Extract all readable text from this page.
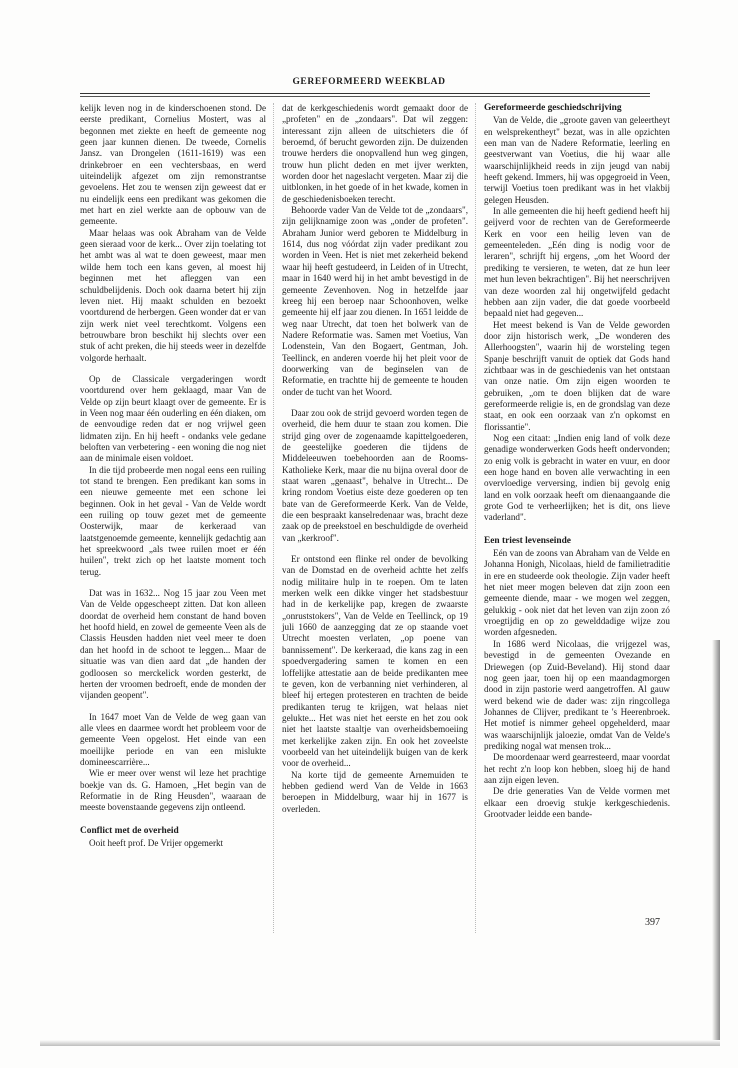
GEREFORMEERD WEEKBLAD

kelijk leven nog in de kinderschoenen stond. De eerste predikant, Cornelius Mostert, was al begonnen met ziekte en heeft de gemeente nog geen jaar kunnen dienen. De tweede, Cornelis Jansz. van Drongelen (1611-1619) was een drinkebroer en een vechtersbaas, en werd uiteindelijk afgezet om zijn remonstrantse gevoelens. Het zou te wensen zijn geweest dat er nu eindelijk eens een predikant was gekomen die met hart en ziel werkte aan de opbouw van de gemeente.

Maar helaas was ook Abraham van de Velde geen sieraad voor de kerk... Over zijn toelating tot het ambt was al wat te doen geweest, maar men wilde hem toch een kans geven, al moest hij beginnen met het afleggen van een schuldbelijdenis. Doch ook daarna betert hij zijn leven niet. Hij maakt schulden en bezoekt voortdurend de herbergen. Geen wonder dat er van zijn werk niet veel terechtkomt. Volgens een betrouwbare bron beschikt hij slechts over een stuk of acht preken, die hij steeds weer in dezelfde volgorde herhaalt.

Op de Classicale vergaderingen wordt voortdurend over hem geklaagd, maar Van de Velde op zijn beurt klaagt over de gemeente. Er is in Veen nog maar één ouderling en één diaken, om de eenvoudige reden dat er nog vrijwel geen lidmaten zijn. En hij heeft - ondanks vele gedane beloften van verbetering - een woning die nog niet aan de minimale eisen voldoet.

In die tijd probeerde men nogal eens een ruiling tot stand te brengen. Een predikant kan soms in een nieuwe gemeente met een schone lei beginnen. Ook in het geval - Van de Velde wordt een ruiling op touw gezet met de gemeente Oosterwijk, maar de kerkeraad van laatstgenoemde gemeente, kennelijk gedachtig aan het spreekwoord „als twee ruilen moet er één huilen", trekt zich op het laatste moment toch terug.

Dat was in 1632... Nog 15 jaar zou Veen met Van de Velde opgescheept zitten. Dat kon alleen doordat de overheid hem constant de hand boven het hoofd hield, en zowel de gemeente Veen als de Classis Heusden hadden niet veel meer te doen dan het hoofd in de schoot te leggen... Maar de situatie was van dien aard dat „de handen der godloosen so merckelick worden gesterkt, de herten der vroomen bedroeft, ende de monden der vijanden geopent".

In 1647 moet Van de Velde de weg gaan van alle vlees en daarmee wordt het probleem voor de gemeente Veen opgelost. Het einde van een moeilijke periode en van een mislukte domineescarrière...

Wie er meer over wenst wil leze het prachtige boekje van ds. G. Hamoen, „Het begin van de Reformatie in de Ring Heusden", waaraan de meeste bovenstaande gegevens zijn ontleend.

Conflict met de overheid

Ooit heeft prof. De Vrijer opgemerkt

dat de kerkgeschiedenis wordt gemaakt door de „profeten" en de „zondaars". Dat wil zeggen: interessant zijn alleen de uitschieters die óf beroemd, óf berucht geworden zijn. De duizenden trouwe herders die onopvallend hun weg gingen, trouw hun plicht deden en met ijver werkten, worden door het nageslacht vergeten. Maar zij die uitblonken, in het goede of in het kwade, komen in de geschiedenisboeken terecht.

Behoorde vader Van de Velde tot de „zondaars", zijn gelijknamige zoon was „onder de profeten". Abraham Junior werd geboren te Middelburg in 1614, dus nog vóórdat zijn vader predikant zou worden in Veen. Het is niet met zekerheid bekend waar hij heeft gestudeerd, in Leiden of in Utrecht, maar in 1640 werd hij in het ambt bevestigd in de gemeente Zevenhoven. Nog in hetzelfde jaar kreeg hij een beroep naar Schoonhoven, welke gemeente hij elf jaar zou dienen. In 1651 leidde de weg naar Utrecht, dat toen het bolwerk van de Nadere Reformatie was. Samen met Voetius, Van Lodenstein, Van den Bogaert, Gentman, Joh. Teellinck, en anderen voerde hij het pleit voor de doorwerking van de beginselen van de Reformatie, en trachtte hij de gemeente te houden onder de tucht van het Woord.

Daar zou ook de strijd gevoerd worden tegen de overheid, die hem duur te staan zou komen. Die strijd ging over de zogenaamde kapittelgoederen, de geestelijke goederen die tijdens de Middeleeuwen toebehoorden aan de Rooms-Katholieke Kerk, maar die nu bijna overal door de staat waren „genaast", behalve in Utrecht... De kring rondom Voetius eiste deze goederen op ten bate van de Gereformeerde Kerk. Van de Velde, die een bespraakt kanselredenaar was, bracht deze zaak op de preekstoel en beschuldigde de overheid van „kerkroof".

Er ontstond een flinke rel onder de bevolking van de Domstad en de overheid achtte het zelfs nodig militaire hulp in te roepen. Om te laten merken welk een dikke vinger het stadsbestuur had in de kerkelijke pap, kregen de zwaarste „onruststokers", Van de Velde en Teellinck, op 19 juli 1660 de aanzegging dat ze op staande voet Utrecht moesten verlaten, „op poene van bannissement". De kerkeraad, die kans zag in een spoedvergadering samen te komen en een loffelijke attestatie aan de beide predikanten mee te geven, kon de verbanning niet verhinderen, al bleef hij ertegen protesteren en trachten de beide predikanten terug te krijgen, wat helaas niet gelukte... Het was niet het eerste en het zou ook niet het laatste staaltje van overheidsbemoeiing met kerkelijke zaken zijn. En ook het zoveelste voorbeeld van het uiteindelijk buigen van de kerk voor de overheid...

Na korte tijd de gemeente Arnemuiden te hebben gediend werd Van de Velde in 1663 beroepen in Middelburg, waar hij in 1677 is overleden.

Gereformeerde geschiedschrijving

Van de Velde, die „groote gaven van geleertheyt en welsprekentheyt" bezat, was in alle opzichten een man van de Nadere Reformatie, leerling en geestverwant van Voetius, die hij waar alle waarschijnlijkheid reeds in zijn jeugd van nabij heeft gekend. Immers, hij was opgegroeid in Veen, terwijl Voetius toen predikant was in het vlakbij gelegen Heusden.

In alle gemeenten die hij heeft gediend heeft hij geijverd voor de rechten van de Gereformeerde Kerk en voor een heilig leven van de gemeenteleden. „Eén ding is nodig voor de leraren", schrijft hij ergens, „om het Woord der prediking te versieren, te weten, dat ze hun leer met hun leven bekrachtigen". Bij het neerschrijven van deze woorden zal hij ongetwijfeld gedacht hebben aan zijn vader, die dat goede voorbeeld bepaald niet had gegeven...

Het meest bekend is Van de Velde geworden door zijn historisch werk, „De wonderen des Allerhoogsten", waarin hij de worsteling tegen Spanje beschrijft vanuit de optiek dat Gods hand zichtbaar was in de geschiedenis van het ontstaan van onze natie. Om zijn eigen woorden te gebruiken, „om te doen blijken dat de ware gereformeerde religie is, en de grondslag van deze staat, en ook een oorzaak van z'n opkomst en florissantie".

Nog een citaat: „Indien enig land of volk deze genadige wonderwerken Gods heeft ondervonden; zo enig volk is gebracht in water en vuur, en door een hoge hand en boven alle verwachting in een overvloedige verversing, indien bij gevolg enig land en volk oorzaak heeft om dienaangaande die grote God te verheerlijken; het is dit, ons lieve vaderland".

Een triest levenseinde

Eén van de zoons van Abraham van de Velde en Johanna Honigh, Nicolaas, hield de familietraditie in ere en studeerde ook theologie. Zijn vader heeft het niet meer mogen beleven dat zijn zoon een gemeente diende, maar - we mogen wel zeggen, gelukkig - ook niet dat het leven van zijn zoon zó vroegtijdig en op zo gewelddadige wijze zou worden afgesneden.

In 1686 werd Nicolaas, die vrijgezel was, bevestigd in de gemeenten Ovezande en Driewegen (op Zuid-Beveland). Hij stond daar nog geen jaar, toen hij op een maandagmorgen dood in zijn pastorie werd aangetroffen. Al gauw werd bekend wie de dader was: zijn ringcollega Johannes de Clijver, predikant te 's Heerenbroek. Het motief is nimmer geheel opgehelderd, maar was waarschijnlijk jaloezie, omdat Van de Velde's prediking nogal wat mensen trok...

De moordenaar werd gearresteerd, maar voordat het recht z'n loop kon hebben, sloeg hij de hand aan zijn eigen leven.

De drie generaties Van de Velde vormen met elkaar een droevig stukje kerkgeschiedenis. Grootvader leidde een bande-

397
